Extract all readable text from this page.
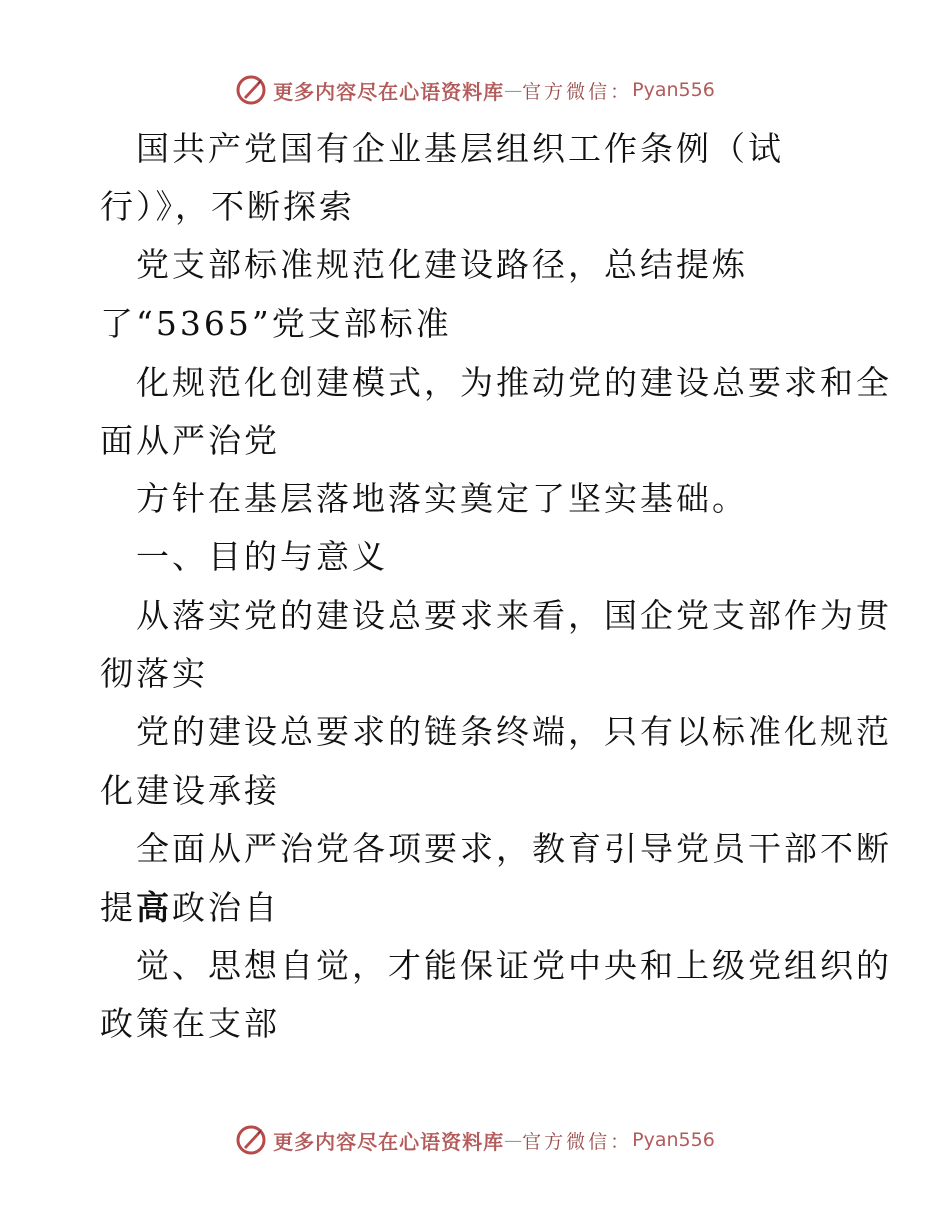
更多内容尽在心语资料库 — 官方微信： Pyan556
国共产党国有企业基层组织工作条例（试
行）》，不断探索
党支部标准规范化建设路径，总结提炼
了“5365”党支部标准
化规范化创建模式，为推动党的建设总要求和全
面从严治党
方针在基层落地落实奠定了坚实基础。
一、目的与意义
从落实党的建设总要求来看，国企党支部作为贯
彻落实
党的建设总要求的链条终端，只有以标准化规范
化建设承接
全面从严治党各项要求，教育引导党员干部不断
提高政治自
觉、思想自觉，才能保证党中央和上级党组织的
政策在支部
更多内容尽在心语资料库 — 官方微信： Pyan556
